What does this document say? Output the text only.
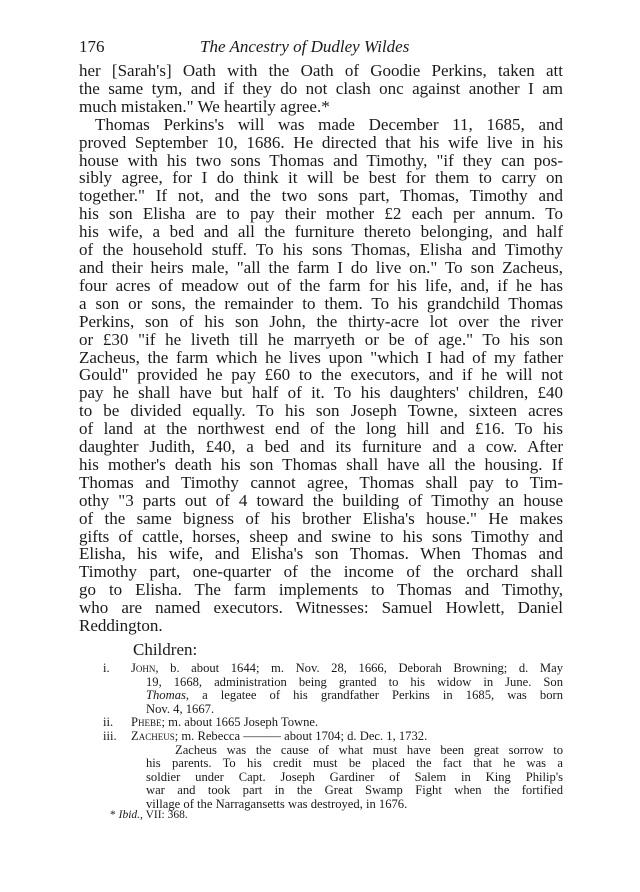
176	The Ancestry of Dudley Wildes
her [Sarah's] Oath with the Oath of Goodie Perkins, taken att
the same tym, and if they do not clash onc against another I am
much mistaken." We heartily agree.*
Thomas Perkins's will was made December 11, 1685, and
proved September 10, 1686. He directed that his wife live in his
house with his two sons Thomas and Timothy, "if they can pos-
sibly agree, for I do think it will be best for them to carry on
together." If not, and the two sons part, Thomas, Timothy and
his son Elisha are to pay their mother £2 each per annum. To
his wife, a bed and all the furniture thereto belonging, and half
of the household stuff. To his sons Thomas, Elisha and Timothy
and their heirs male, "all the farm I do live on." To son Zacheus,
four acres of meadow out of the farm for his life, and, if he has
a son or sons, the remainder to them. To his grandchild Thomas
Perkins, son of his son John, the thirty-acre lot over the river
or £30 "if he liveth till he marryeth or be of age." To his son
Zacheus, the farm which he lives upon "which I had of my father
Gould" provided he pay £60 to the executors, and if he will not
pay he shall have but half of it. To his daughters' children, £40
to be divided equally. To his son Joseph Towne, sixteen acres
of land at the northwest end of the long hill and £16. To his
daughter Judith, £40, a bed and its furniture and a cow. After
his mother's death his son Thomas shall have all the housing. If
Thomas and Timothy cannot agree, Thomas shall pay to Tim-
othy "3 parts out of 4 toward the building of Timothy an house
of the same bigness of his brother Elisha's house." He makes
gifts of cattle, horses, sheep and swine to his sons Timothy and
Elisha, his wife, and Elisha's son Thomas. When Thomas and
Timothy part, one-quarter of the income of the orchard shall
go to Elisha. The farm implements to Thomas and Timothy,
who are named executors. Witnesses: Samuel Howlett, Daniel
Reddington.
Children:
i. John, b. about 1644; m. Nov. 28, 1666, Deborah Browning; d. May
19, 1668, administration being granted to his widow in June. Son
Thomas, a legatee of his grandfather Perkins in 1685, was born
Nov. 4, 1667.
ii. Phebe; m. about 1665 Joseph Towne.
iii. Zacheus; m. Rebecca ——— about 1704; d. Dec. 1, 1732.
Zacheus was the cause of what must have been great sorrow to
his parents. To his credit must be placed the fact that he was a
soldier under Capt. Joseph Gardiner of Salem in King Philip's
war and took part in the Great Swamp Fight when the fortified
village of the Narragansetts was destroyed, in 1676.
* Ibid., VII: 368.
